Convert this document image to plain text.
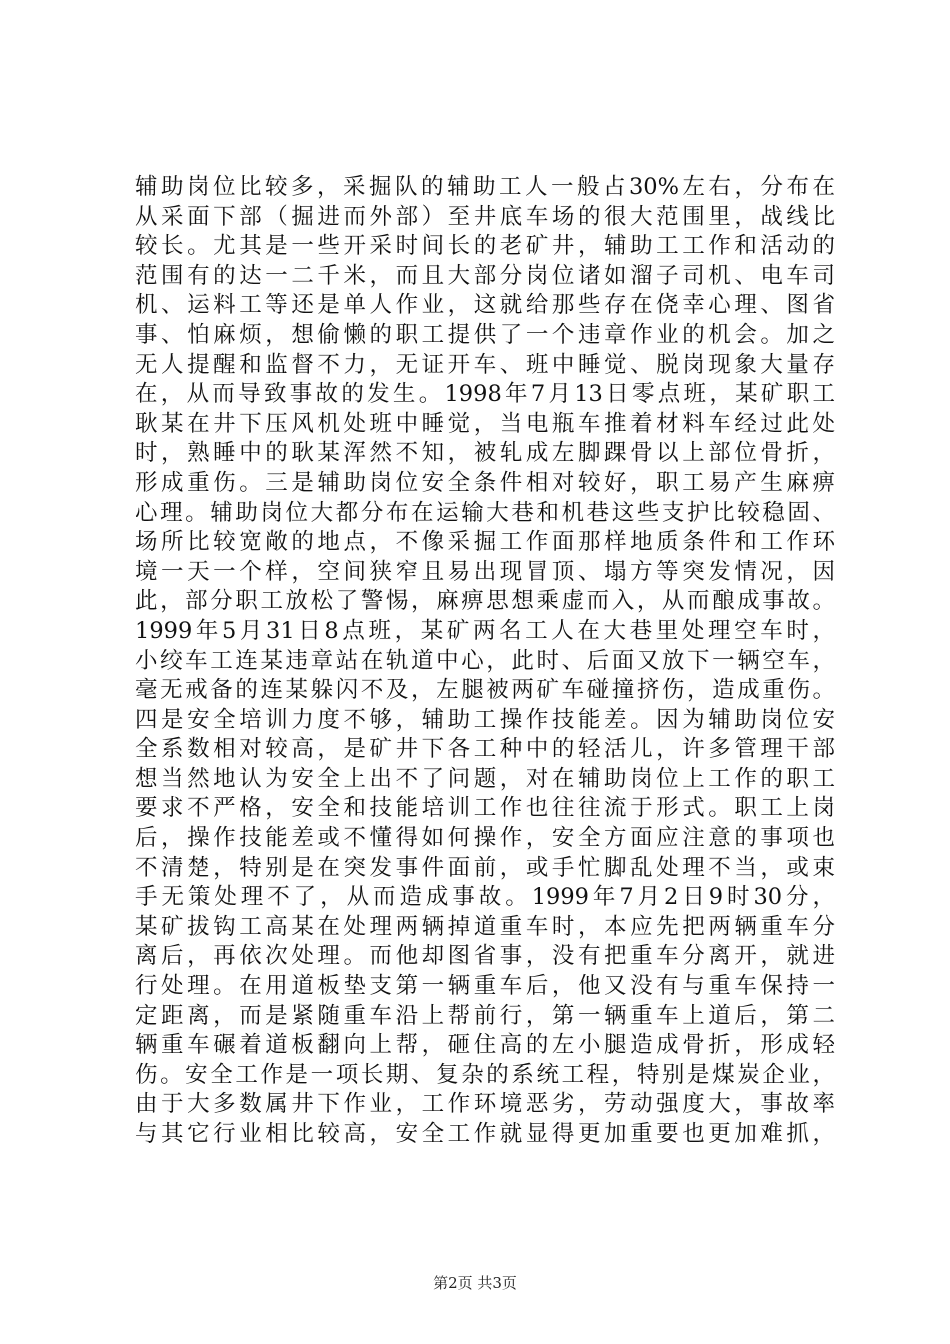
辅助岗位比较多，采掘队的辅助工人一般占30%左右，分布在
从采面下部（掘进而外部）至井底车场的很大范围里，战线比
较长。尤其是一些开采时间长的老矿井，辅助工工作和活动的
范围有的达一二千米，而且大部分岗位诸如溜子司机、电车司
机、运料工等还是单人作业，这就给那些存在侥幸心理、图省
事、怕麻烦，想偷懒的职工提供了一个违章作业的机会。加之
无人提醒和监督不力，无证开车、班中睡觉、脱岗现象大量存
在，从而导致事故的发生。1998年7月13日零点班，某矿职工
耿某在井下压风机处班中睡觉，当电瓶车推着材料车经过此处
时，熟睡中的耿某浑然不知，被轧成左脚踝骨以上部位骨折，
形成重伤。三是辅助岗位安全条件相对较好，职工易产生麻痹
心理。辅助岗位大都分布在运输大巷和机巷这些支护比较稳固、
场所比较宽敞的地点，不像采掘工作面那样地质条件和工作环
境一天一个样，空间狭窄且易出现冒顶、塌方等突发情况，因
此，部分职工放松了警惕，麻痹思想乘虚而入，从而酿成事故。
1999年5月31日8点班，某矿两名工人在大巷里处理空车时，
小绞车工连某违章站在轨道中心，此时、后面又放下一辆空车，
毫无戒备的连某躲闪不及，左腿被两矿车碰撞挤伤，造成重伤。
四是安全培训力度不够，辅助工操作技能差。因为辅助岗位安
全系数相对较高，是矿井下各工种中的轻活儿，许多管理干部
想当然地认为安全上出不了问题，对在辅助岗位上工作的职工
要求不严格，安全和技能培训工作也往往流于形式。职工上岗
后，操作技能差或不懂得如何操作，安全方面应注意的事项也
不清楚，特别是在突发事件面前，或手忙脚乱处理不当，或束
手无策处理不了，从而造成事故。1999年7月2日9时30分，
某矿拔钩工高某在处理两辆掉道重车时，本应先把两辆重车分
离后，再依次处理。而他却图省事，没有把重车分离开，就进
行处理。在用道板垫支第一辆重车后，他又没有与重车保持一
定距离，而是紧随重车沿上帮前行，第一辆重车上道后，第二
辆重车碾着道板翻向上帮，砸住高的左小腿造成骨折，形成轻
伤。安全工作是一项长期、复杂的系统工程，特别是煤炭企业，
由于大多数属井下作业，工作环境恶劣，劳动强度大，事故率
与其它行业相比较高，安全工作就显得更加重要也更加难抓，
第2页 共3页
